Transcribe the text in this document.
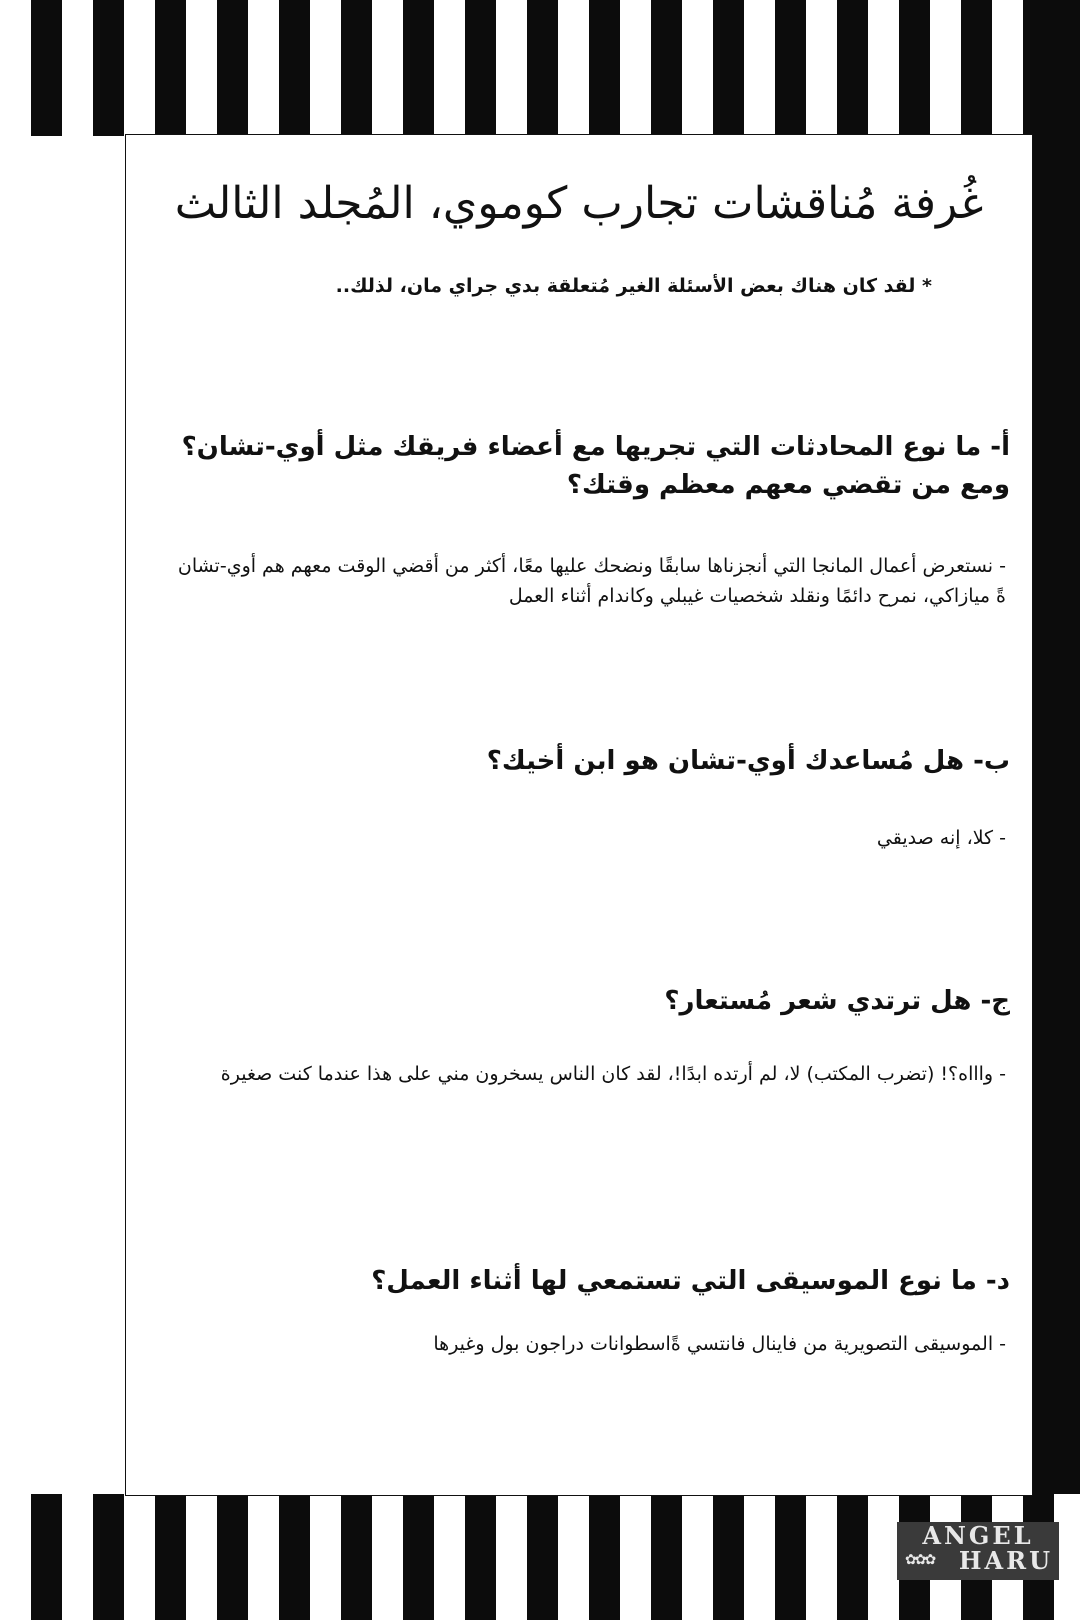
غُرفة مُناقشات تجارب كوموي، المُجلد الثالث

* لقد كان هناك بعض الأسئلة الغير مُتعلقة بدي جراي مان، لذلك..

أ- ما نوع المحادثات التي تجريها مع أعضاء فريقك مثل أوي-تشان؟ ومع من تقضي معهم معظم وقتك؟

- نستعرض أعمال المانجا التي أنجزناها سابقًا ونضحك عليها معًا، أكثر من أقضي الوقت معهم هم أوي-تشان ةً ميازاكي، نمرح دائمًا ونقلد شخصيات غيبلي وكاندام أثناء العمل

ب- هل مُساعدك أوي-تشان هو ابن أخيك؟

- كلا، إنه صديقي

ج- هل ترتدي شعر مُستعار؟

- واااه؟! (تضرب المكتب) لا، لم أرتده ابدًا!، لقد كان الناس يسخرون مني على هذا عندما كنت صغيرة

د- ما نوع الموسيقى التي تستمعي لها أثناء العمل؟

- الموسيقى التصويرية من فاينال فانتسي ةًاسطوانات دراجون بول وغيرها

ANGEL
✿✿✿	HARU
